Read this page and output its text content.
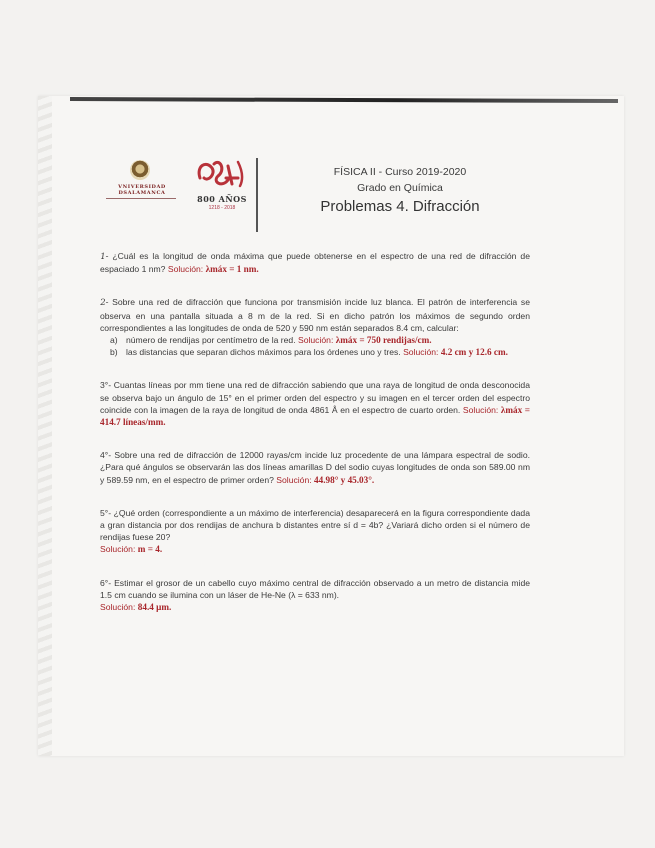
VNIVERSIDAD DSALAMANCA
800 AÑOS
1218 - 2018
FÍSICA II - Curso 2019-2020
Grado en Química
Problemas 4. Difracción

1- ¿Cuál es la longitud de onda máxima que puede obtenerse en el espectro de una red de difracción de espaciado 1 nm? Solución: λmáx = 1 nm.

2- Sobre una red de difracción que funciona por transmisión incide luz blanca. El patrón de interferencia se observa en una pantalla situada a 8 m de la red. Si en dicho patrón los máximos de segundo orden correspondientes a las longitudes de onda de 520 y 590 nm están separados 8.4 cm, calcular:

a) número de rendijas por centímetro de la red. Solución: λmáx = 750 rendijas/cm.
b) las distancias que separan dichos máximos para los órdenes uno y tres. Solución: 4.2 cm y 12.6 cm.

3°- Cuantas líneas por mm tiene una red de difracción sabiendo que una raya de longitud de onda desconocida se observa bajo un ángulo de 15° en el primer orden del espectro y su imagen en el tercer orden del espectro coincide con la imagen de la raya de longitud de onda 4861 Å en el espectro de cuarto orden. Solución: λmáx = 414.7 líneas/mm.

4°- Sobre una red de difracción de 12000 rayas/cm incide luz procedente de una lámpara espectral de sodio. ¿Para qué ángulos se observarán las dos líneas amarillas D del sodio cuyas longitudes de onda son 589.00 nm y 589.59 nm, en el espectro de primer orden? Solución: 44.98° y 45.03°.

5°- ¿Qué orden (correspondiente a un máximo de interferencia) desaparecerá en la figura correspondiente dada a gran distancia por dos rendijas de anchura b distantes entre sí d = 4b? ¿Variará dicho orden si el número de rendijas fuese 20?
Solución: m = 4.

6°- Estimar el grosor de un cabello cuyo máximo central de difracción observado a un metro de distancia mide 1.5 cm cuando se ilumina con un láser de He-Ne (λ = 633 nm).
Solución: 84.4 μm.
